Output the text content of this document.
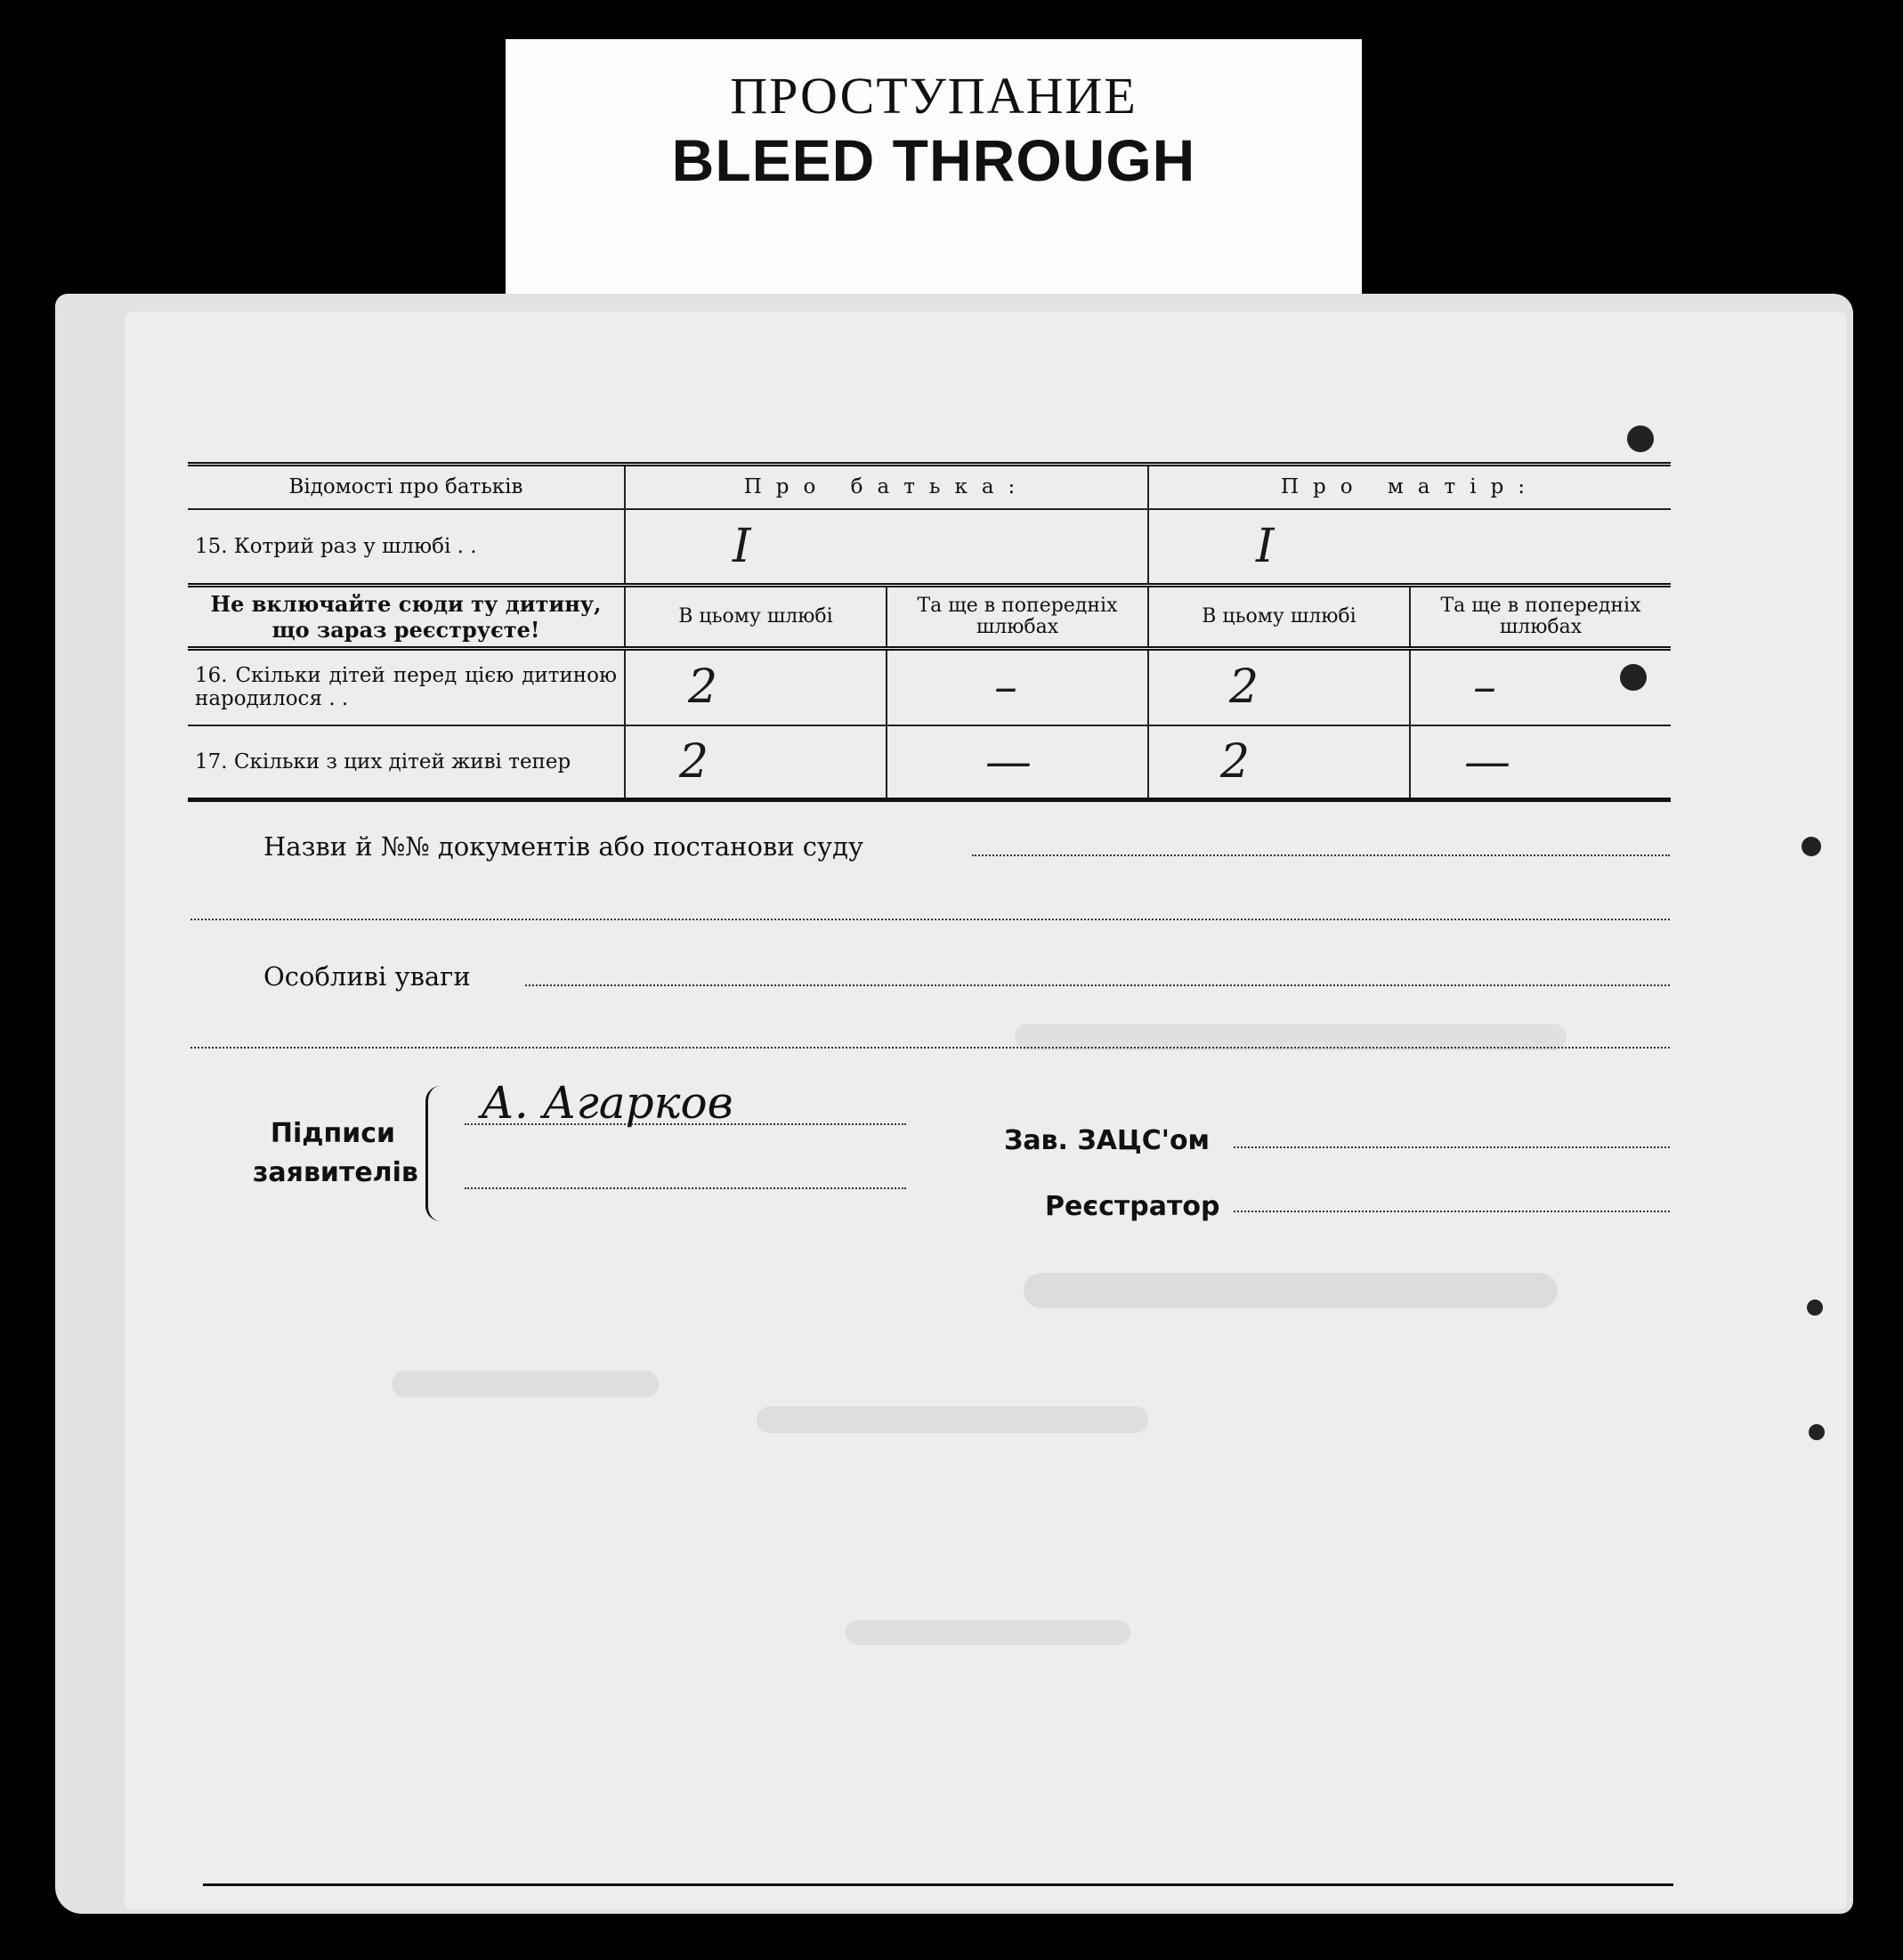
ПРОСТУПАНИЕ
BLEED THROUGH
Відомості про батьків	Про батька:		Про матір:	
15. Котрий раз у шлюбі . .	I		I	
Не включайте сюди ту дитину, що зараз реєструєте!	В цьому шлюбі	Та ще в попередніх шлюбах	В цьому шлюбі	Та ще в попередніх шлюбах
16. Скільки дітей перед цією дитиною народилося . .	2	–	2	–
17. Скільки з цих дітей живі тепер	2	—	2	—
Назви й №№ документів або постанови суду
Особливі уваги
Підписи
заявителів
А. Агарков
Зав. ЗАЦС'ом
Реєстратор
